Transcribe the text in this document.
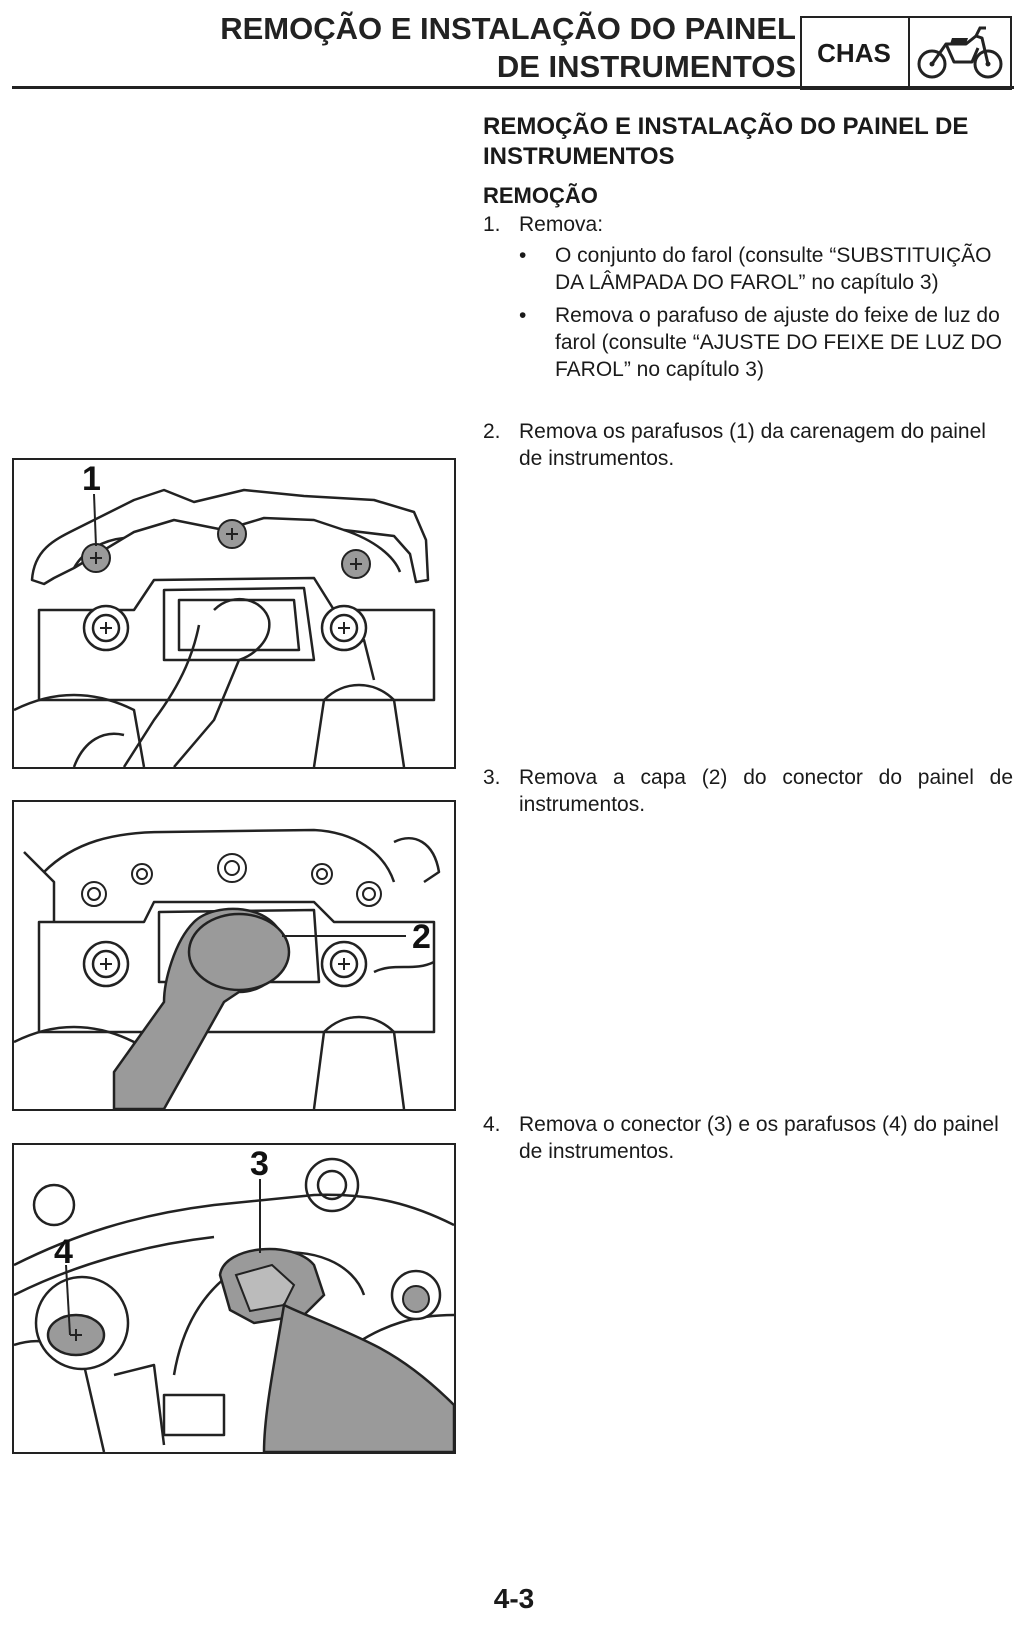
REMOÇÃO E INSTALAÇÃO DO PAINEL
DE INSTRUMENTOS CHAS
REMOÇÃO E INSTALAÇÃO DO PAINEL DE INSTRUMENTOS
REMOÇÃO
1. Remova:
• O conjunto do farol (consulte “SUBSTITUIÇÃO DA LÂMPADA DO FAROL” no capítulo 3)
• Remova o parafuso de ajuste do feixe de luz do farol (consulte “AJUSTE DO FEIXE DE LUZ DO FAROL” no capítulo 3)
2. Remova os parafusos (1) da carenagem do painel de instrumentos.
3. Remova a capa (2) do conector do painel de instrumentos.
4. Remova o conector (3) e os parafusos (4) do painel de instrumentos.
1
2
3
4
4-3
